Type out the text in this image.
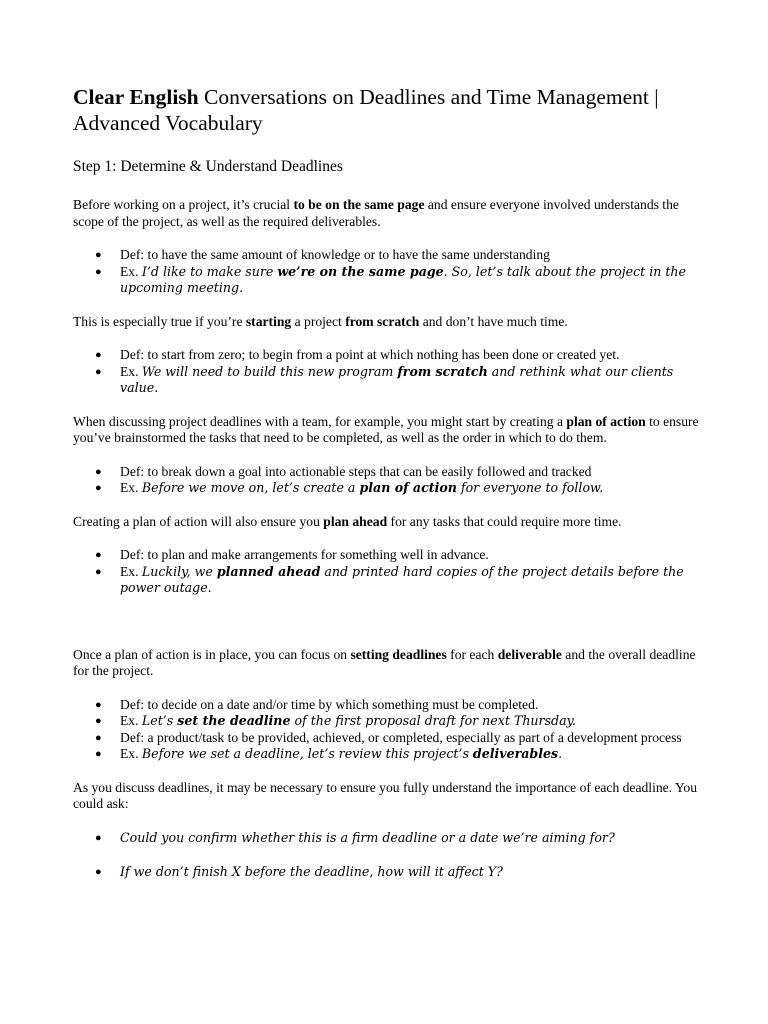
Clear English Conversations on Deadlines and Time Management | Advanced Vocabulary
Step 1: Determine & Understand Deadlines

Before working on a project, it’s crucial to be on the same page and ensure everyone involved understands the scope of the project, as well as the required deliverables.

● Def: to have the same amount of knowledge or to have the same understanding
● Ex. I’d like to make sure we’re on the same page. So, let’s talk about the project in the upcoming meeting.

This is especially true if you’re starting a project from scratch and don’t have much time.

● Def: to start from zero; to begin from a point at which nothing has been done or created yet.
● Ex. We will need to build this new program from scratch and rethink what our clients value.

When discussing project deadlines with a team, for example, you might start by creating a plan of action to ensure you’ve brainstormed the tasks that need to be completed, as well as the order in which to do them.

● Def: to break down a goal into actionable steps that can be easily followed and tracked
● Ex. Before we move on, let’s create a plan of action for everyone to follow.

Creating a plan of action will also ensure you plan ahead for any tasks that could require more time.

● Def: to plan and make arrangements for something well in advance.
● Ex. Luckily, we planned ahead and printed hard copies of the project details before the power outage.

Once a plan of action is in place, you can focus on setting deadlines for each deliverable and the overall deadline for the project.

● Def: to decide on a date and/or time by which something must be completed.
● Ex. Let’s set the deadline of the first proposal draft for next Thursday.
● Def: a product/task to be provided, achieved, or completed, especially as part of a development process
● Ex. Before we set a deadline, let’s review this project’s deliverables.

As you discuss deadlines, it may be necessary to ensure you fully understand the importance of each deadline. You could ask:

● Could you confirm whether this is a firm deadline or a date we’re aiming for?
● If we don’t finish X before the deadline, how will it affect Y?
